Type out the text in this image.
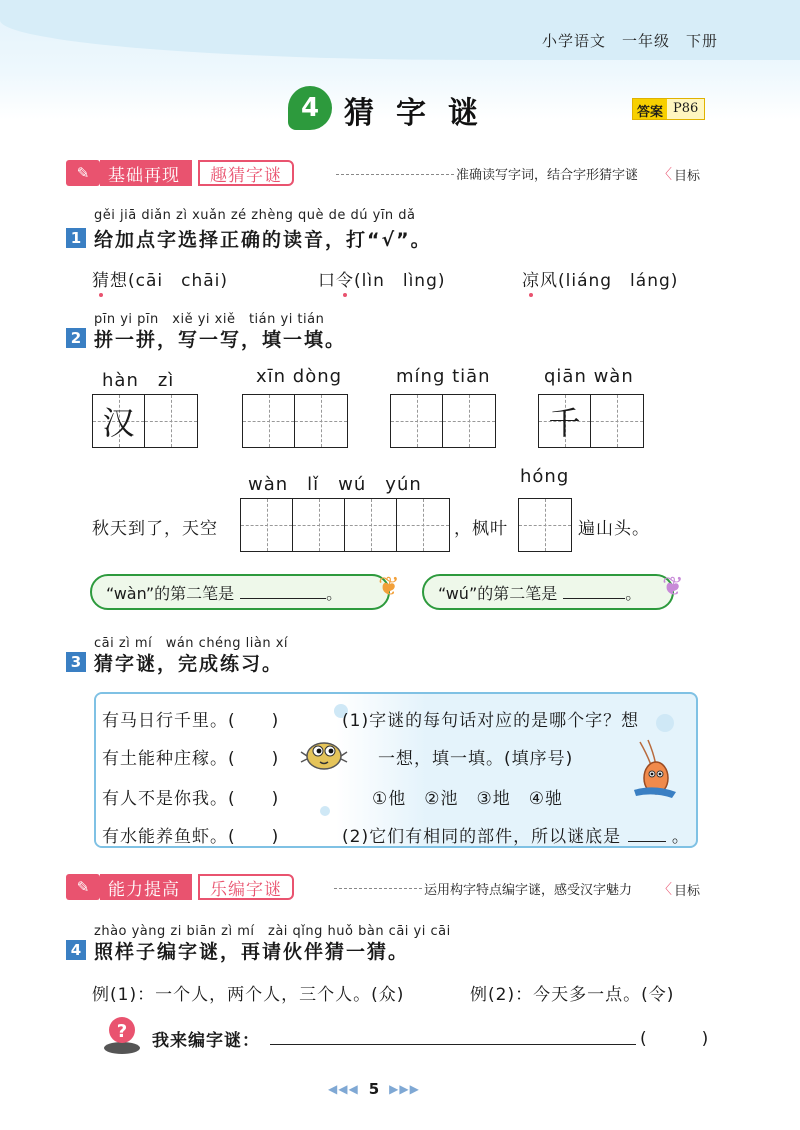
小学语文　一年级　下册
4 猜字谜	答案 P86
✎	基础再现	趣猜字谜	准确读写字词，结合字形猜字谜 〈 目标
gěi jiā diǎn zì xuǎn zé zhèng què de dú yīn dǎ
1 给加点字选择正确的读音，打“√”。
猜想(cāi　chāi)	口令(lìn　lìng)	凉风(liáng　láng)
pīn yi pīn　xiě yi xiě　tián yi tián
2 拼一拼，写一写，填一填。
hàn　zì
汉
xīn dòng	míng tiān	qiān wàn
千
wàn　lǐ　wú　yún	hóng
秋天到了，天空	，枫叶	遍山头。
“wàn”的第二笔是	。 ❦ “wú”的第二笔是	。 ❦
cāi zì mí　wán chéng liàn xí
3 猜字谜，完成练习。
有马日行千里。(　　)
有土能种庄稼。(　　)
有人不是你我。(　　)
有水能养鱼虾。(　　)
(1)字谜的每句话对应的是哪个字？想
一想，填一填。(填序号)
①他　②池　③地　④驰
(2)它们有相同的部件，所以谜底是	。
✎	能力提高	乐编字谜	运用构字特点编字谜，感受汉字魅力 〈 目标
zhào yàng zi biān zì mí　zài qǐng huǒ bàn cāi yi cāi
4 照样子编字谜，再请伙伴猜一猜。
例(1)：一个人，两个人，三个人。(众)	例(2)：今天多一点。(令)
? 我来编字谜：	(　　　)
◀◀◀ 5 ▶▶▶
